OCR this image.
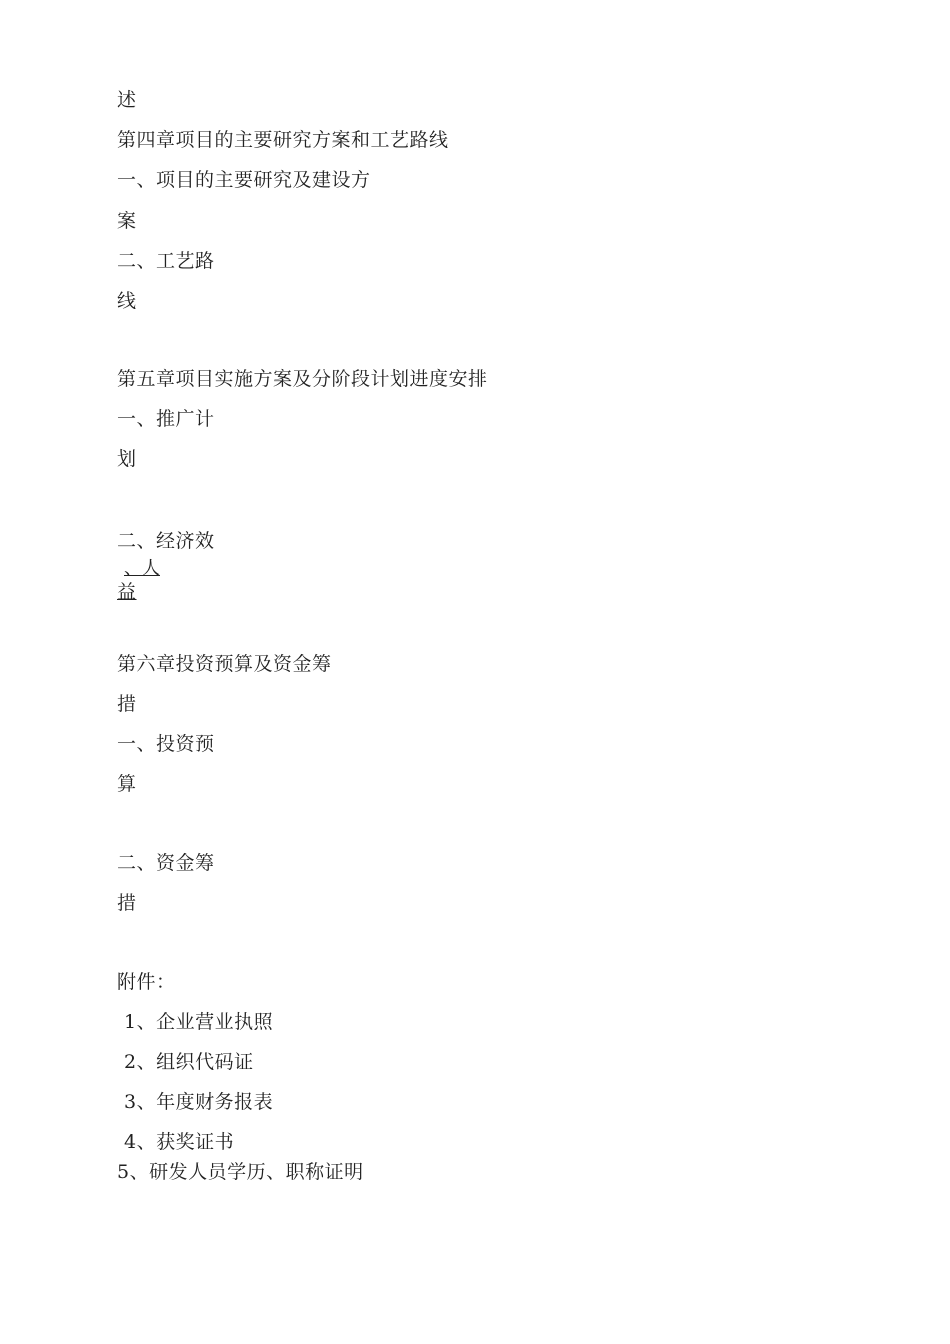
述
第四章项目的主要研究方案和工艺路线
一、项目的主要研究及建设方
案
二、工艺路
线
第五章项目实施方案及分阶段计划进度安排
一、推广计
划
二、经济效
、人
益
第六章投资预算及资金筹
措
一、投资预
算
二、资金筹
措
附件：
1、企业营业执照
2、组织代码证
3、年度财务报表
4、获奖证书
5、研发人员学历、职称证明
